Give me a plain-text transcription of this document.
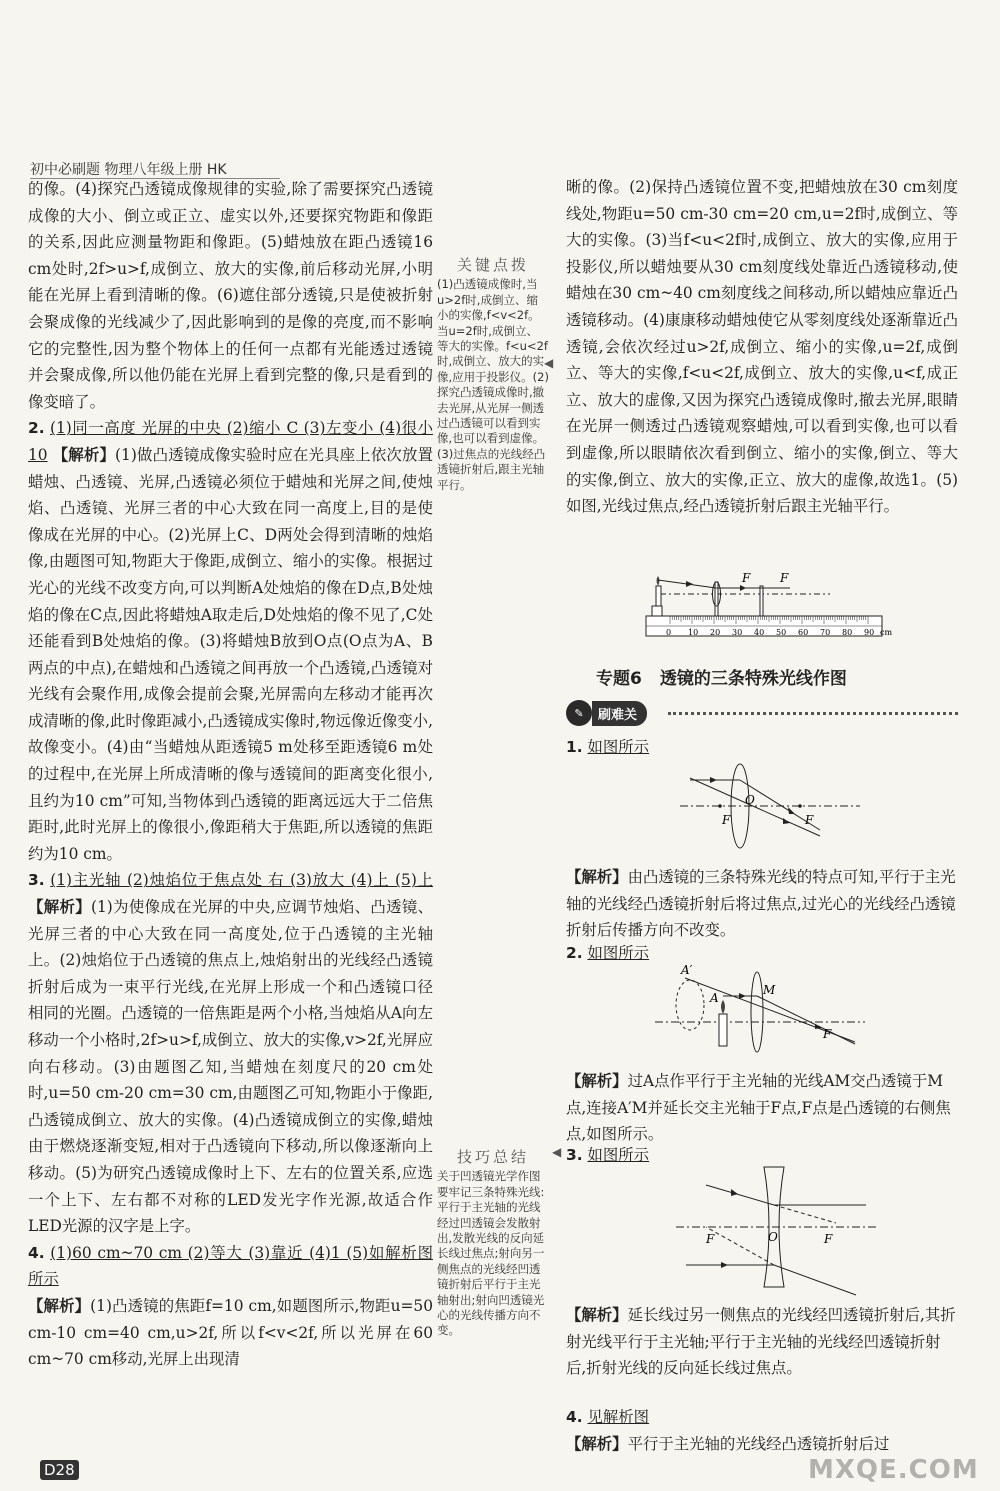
初中必刷题 物理八年级上册 HK

的像。(4)探究凸透镜成像规律的实验,除了需要探究凸透镜成像的大小、倒立或正立、虚实以外,还要探究物距和像距的关系,因此应测量物距和像距。(5)蜡烛放在距凸透镜16 cm处时,2f>u>f,成倒立、放大的实像,前后移动光屏,小明能在光屏上看到清晰的像。(6)遮住部分透镜,只是使被折射会聚成像的光线减少了,因此影响到的是像的亮度,而不影响它的完整性,因为整个物体上的任何一点都有光能透过透镜并会聚成像,所以他仍能在光屏上看到完整的像,只是看到的像变暗了。

2. (1)同一高度 光屏的中央 (2)缩小 C (3)左变小 (4)很小 10 【解析】(1)做凸透镜成像实验时应在光具座上依次放置蜡烛、凸透镜、光屏,凸透镜必须位于蜡烛和光屏之间,使烛焰、凸透镜、光屏三者的中心大致在同一高度上,目的是使像成在光屏的中心。(2)光屏上C、D两处会得到清晰的烛焰像,由题图可知,物距大于像距,成倒立、缩小的实像。根据过光心的光线不改变方向,可以判断A处烛焰的像在D点,B处烛焰的像在C点,因此将蜡烛A取走后,D处烛焰的像不见了,C处还能看到B处烛焰的像。(3)将蜡烛B放到O点(O点为A、B两点的中点),在蜡烛和凸透镜之间再放一个凸透镜,凸透镜对光线有会聚作用,成像会提前会聚,光屏需向左移动才能再次成清晰的像,此时像距减小,凸透镜成实像时,物远像近像变小,故像变小。(4)由“当蜡烛从距透镜5 m处移至距透镜6 m处的过程中,在光屏上所成清晰的像与透镜间的距离变化很小,且约为10 cm”可知,当物体到凸透镜的距离远远大于二倍焦距时,此时光屏上的像很小,像距稍大于焦距,所以透镜的焦距约为10 cm。

3. (1)主光轴 (2)烛焰位于焦点处 右 (3)放大 (4)上 (5)上 【解析】(1)为使像成在光屏的中央,应调节烛焰、凸透镜、光屏三者的中心大致在同一高度处,位于凸透镜的主光轴上。(2)烛焰位于凸透镜的焦点上,烛焰射出的光线经凸透镜折射后成为一束平行光线,在光屏上形成一个和凸透镜口径相同的光圈。凸透镜的一倍焦距是两个小格,当烛焰从A向左移动一个小格时,2f>u>f,成倒立、放大的实像,v>2f,光屏应向右移动。(3)由题图乙知,当蜡烛在刻度尺的20 cm处时,u=50 cm-20 cm=30 cm,由题图乙可知,物距小于像距,凸透镜成倒立、放大的实像。(4)凸透镜成倒立的实像,蜡烛由于燃烧逐渐变短,相对于凸透镜向下移动,所以像逐渐向上移动。(5)为研究凸透镜成像时上下、左右的位置关系,应选一个上下、左右都不对称的LED发光字作光源,故适合作LED光源的汉字是上字。

4. (1)60 cm~70 cm (2)等大 (3)靠近 (4)1 (5)如解析图所示
【解析】(1)凸透镜的焦距f=10 cm,如题图所示,物距u=50 cm-10 cm=40 cm,u>2f,所以f<v<2f,所以光屏在60 cm~70 cm移动,光屏上出现清

◀
关键点拨
(1)凸透镜成像时,当u>2f时,成倒立、缩小的实像,f<v<2f。当u=2f时,成倒立、等大的实像。f<u<2f时,成倒立、放大的实像,应用于投影仪。(2)探究凸透镜成像时,撤去光屏,从光屏一侧透过凸透镜可以看到实像,也可以看到虚像。(3)过焦点的光线经凸透镜折射后,跟主光轴平行。
技巧总结
关于凹透镜光学作图要牢记三条特殊光线:平行于主光轴的光线经过凹透镜会发散射出,发散光线的反向延长线过焦点;射向另一侧焦点的光线经凹透镜折射后平行于主光轴射出;射向凹透镜光心的光线传播方向不变。

晰的像。(2)保持凸透镜位置不变,把蜡烛放在30 cm刻度线处,物距u=50 cm-30 cm=20 cm,u=2f时,成倒立、等大的实像。(3)当f<u<2f时,成倒立、放大的实像,应用于投影仪,所以蜡烛要从30 cm刻度线处靠近凸透镜移动,使蜡烛在30 cm~40 cm刻度线之间移动,所以蜡烛应靠近凸透镜移动。(4)康康移动蜡烛使它从零刻度线处逐渐靠近凸透镜,会依次经过u>2f,成倒立、缩小的实像,u=2f,成倒立、等大的实像,f<u<2f,成倒立、放大的实像,u<f,成正立、放大的虚像,又因为探究凸透镜成像时,撤去光屏,眼睛在光屏一侧透过凸透镜观察蜡烛,可以看到实像,也可以看到虚像,所以眼睛依次看到倒立、缩小的实像,倒立、等大的实像,倒立、放大的实像,正立、放大的虚像,故选1。(5)如图,光线过焦点,经凸透镜折射后跟主光轴平行。

F F
0 10 20 30 40 50 60 70 80 90 cm
专题6 透镜的三条特殊光线作图
✎	刷难关
1. 如图所示
O
F	F
【解析】由凸透镜的三条特殊光线的特点可知,平行于主光轴的光线经凸透镜折射后将过焦点,过光心的光线经凸透镜折射后传播方向不改变。
2. 如图所示
A′
A
M
F
【解析】过A点作平行于主光轴的光线AM交凸透镜于M点,连接A′M并延长交主光轴于F点,F点是凸透镜的右侧焦点,如图所示。
◀ 3. 如图所示
F	O	F
【解析】延长线过另一侧焦点的光线经凹透镜折射后,其折射光线平行于主光轴;平行于主光轴的光线经凹透镜折射后,折射光线的反向延长线过焦点。
4. 见解析图
【解析】平行于主光轴的光线经凸透镜折射后过
D28	MXQE.COM
